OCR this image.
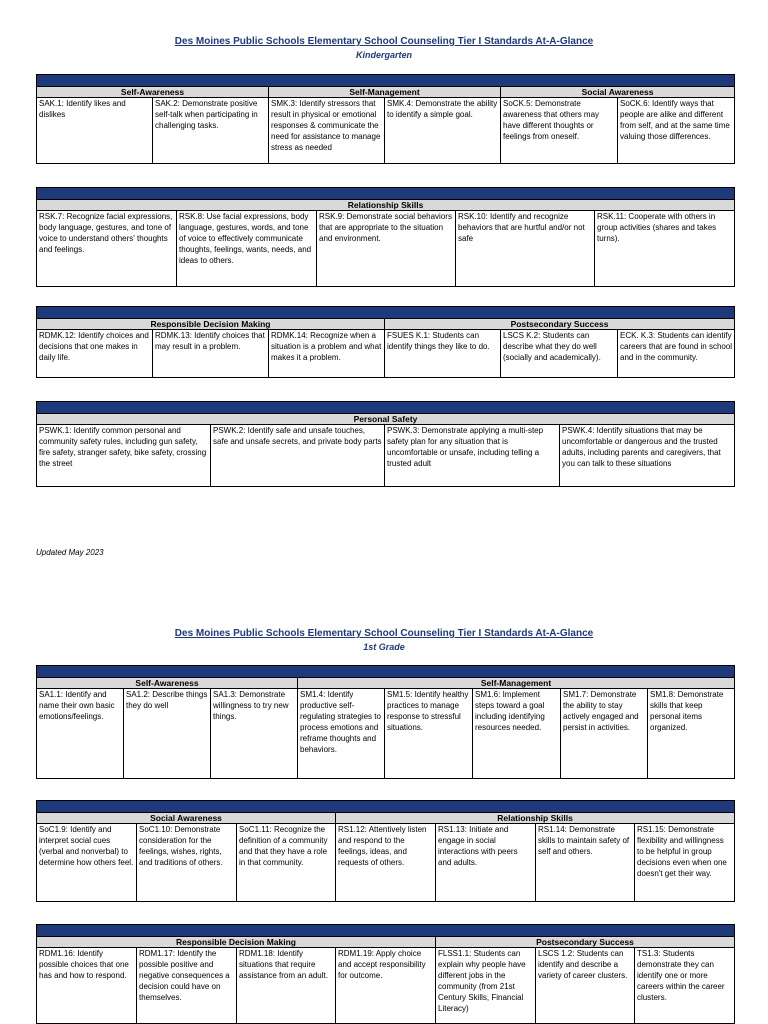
Des Moines Public Schools Elementary School Counseling Tier I Standards At-A-Glance
Kindergarten

Self-Awareness		Self-Management		Social Awareness	
SAK.1: Identify likes and dislikes	SAK.2: Demonstrate positive self-talk when participating in challenging tasks.	SMK.3: Identify stressors that result in physical or emotional responses & communicate the need for assistance to manage stress as needed	SMK.4: Demonstrate the ability to identify a simple goal.	SoCK.5: Demonstrate awareness that others may have different thoughts or feelings from oneself.	SoCK.6: Identify ways that people are alike and different from self, and at the same time valuing those differences.

Relationship Skills
RSK.7: Recognize facial expressions, body language, gestures, and tone of voice to understand others' thoughts and feelings.	RSK.8: Use facial expressions, body language, gestures, words, and tone of voice to effectively communicate thoughts, feelings, wants, needs, and ideas to others.	RSK.9: Demonstrate social behaviors that are appropriate to the situation and environment.	RSK.10: Identify and recognize behaviors that are hurtful and/or not safe	RSK.11: Cooperate with others in group activities (shares and takes turns).

Responsible Decision Making			Postsecondary Success		
RDMK.12: Identify choices and decisions that one makes in daily life.	RDMK.13: Identify choices that may result in a problem.	RDMK.14: Recognize when a situation is a problem and what makes it a problem.	FSUES K.1: Students can identify things they like to do.	LSCS K.2: Students can describe what they do well (socially and academically).	ECK. K.3: Students can identify careers that are found in school and in the community.

Personal Safety
PSWK.1: Identify common personal and community safety rules, including gun safety, fire safety, stranger safety, bike safety, crossing the street	PSWK.2: Identify safe and unsafe touches, safe and unsafe secrets, and private body parts	PSWK.3: Demonstrate applying a multi-step safety plan for any situation that is uncomfortable or unsafe, including telling a trusted adult	PSWK.4: Identify situations that may be uncomfortable or dangerous and the trusted adults, including parents and caregivers, that you can talk to these situations
Updated May 2023
Des Moines Public Schools Elementary School Counseling Tier I Standards At-A-Glance
1st Grade

Self-Awareness			Self-Management				
SA1.1: Identify and name their own basic emotions/feelings.	SA1.2: Describe things they do well	SA1.3: Demonstrate willingness to try new things.	SM1.4: Identify productive self-regulating strategies to process emotions and reframe thoughts and behaviors.	SM1.5: Identify healthy practices to manage response to stressful situations.	SM1.6: Implement steps toward a goal including identifying resources needed.	SM1.7: Demonstrate the ability to stay actively engaged and persist in activities.	SM1.8: Demonstrate skills that keep personal items organized.

Social Awareness			Relationship Skills			
SoC1.9: Identify and interpret social cues (verbal and nonverbal) to determine how others feel.	SoC1.10: Demonstrate consideration for the feelings, wishes, rights, and traditions of others.	SoC1.11: Recognize the definition of a community and that they have a role in that community.	RS1.12: Attentively listen and respond to the feelings, ideas, and requests of others.	RS1.13: Initiate and engage in social interactions with peers and adults.	RS1.14: Demonstrate skills to maintain safety of self and others.	RS1.15: Demonstrate flexibility and willingness to be helpful in group decisions even when one doesn't get their way.

Responsible Decision Making				Postsecondary Success		
RDM1.16: Identify possible choices that one has and how to respond.	RDM1.17: Identify the possible positive and negative consequences a decision could have on themselves.	RDM1.18: Identify situations that require assistance from an adult.	RDM1.19: Apply choice and accept responsibility for outcome.	FLSS1.1: Students can explain why people have different jobs in the community (from 21st Century Skills, Financial Literacy)	LSCS 1.2: Students can identify and describe a variety of career clusters.	TS1.3: Students demonstrate they can identify one or more careers within the career clusters.
